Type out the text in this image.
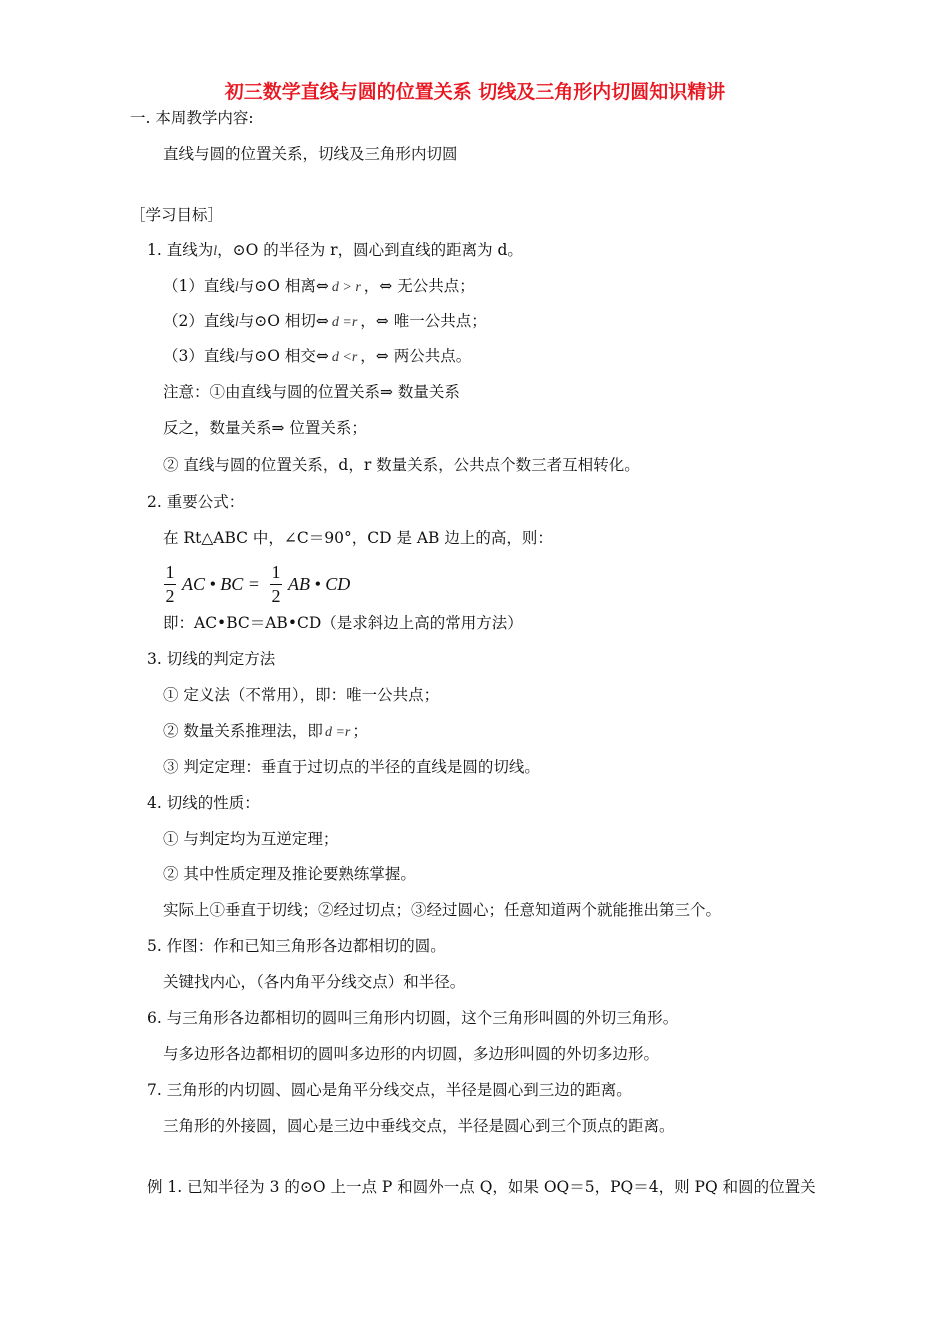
初三数学直线与圆的位置关系 切线及三角形内切圆知识精讲
一. 本周教学内容:
直线与圆的位置关系，切线及三角形内切圆
［学习目标］
1. 直线为l，⊙O 的半径为 r，圆心到直线的距离为 d。
（1）直线l与⊙O 相离⇔ d > r ，⇔ 无公共点；
（2）直线l与⊙O 相切⇔ d =r ，⇔ 唯一公共点；
（3）直线l与⊙O 相交⇔ d <r ，⇔ 两公共点。
注意：①由直线与圆的位置关系⇒ 数量关系
反之，数量关系⇒ 位置关系；
② 直线与圆的位置关系，d，r 数量关系，公共点个数三者互相转化。
2. 重要公式：
在 Rt△ABC 中，∠C＝90°，CD 是 AB 边上的高，则：
1
2
AC • BC =
1
2
AB • CD
即：AC•BC＝AB•CD（是求斜边上高的常用方法）
3. 切线的判定方法
① 定义法（不常用），即：唯一公共点；
② 数量关系推理法，即 d =r ；
③ 判定定理：垂直于过切点的半径的直线是圆的切线。
4. 切线的性质：
① 与判定均为互逆定理；
② 其中性质定理及推论要熟练掌握。
实际上①垂直于切线；②经过切点；③经过圆心；任意知道两个就能推出第三个。
5. 作图：作和已知三角形各边都相切的圆。
关键找内心，（各内角平分线交点）和半径。
6. 与三角形各边都相切的圆叫三角形内切圆，这个三角形叫圆的外切三角形。
与多边形各边都相切的圆叫多边形的内切圆，多边形叫圆的外切多边形。
7. 三角形的内切圆、圆心是角平分线交点，半径是圆心到三边的距离。
三角形的外接圆，圆心是三边中垂线交点，半径是圆心到三个顶点的距离。
例 1. 已知半径为 3 的⊙O 上一点 P 和圆外一点 Q，如果 OQ＝5，PQ＝4，则 PQ 和圆的位置关
